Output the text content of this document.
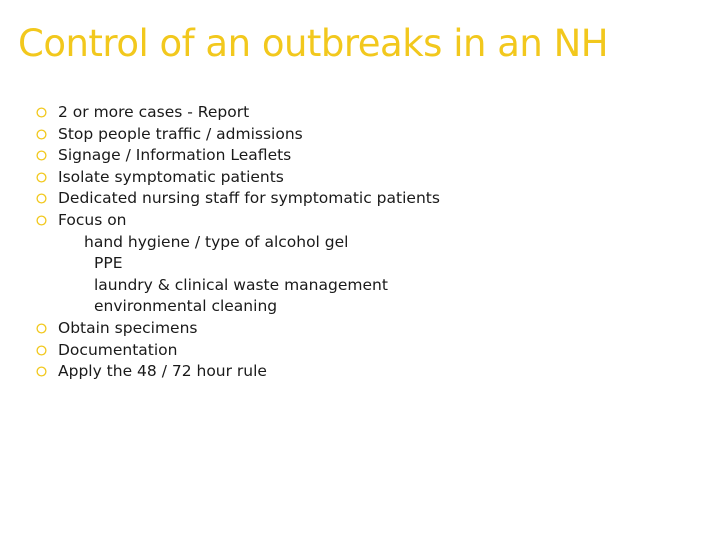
Control of an outbreaks in an NH
2 or more cases - Report
Stop people traffic / admissions
Signage / Information Leaflets
Isolate symptomatic patients
Dedicated nursing staff for symptomatic patients
Focus on
hand hygiene / type of alcohol gel
PPE
laundry & clinical waste management
environmental cleaning
Obtain specimens
Documentation
Apply the 48 / 72 hour rule
